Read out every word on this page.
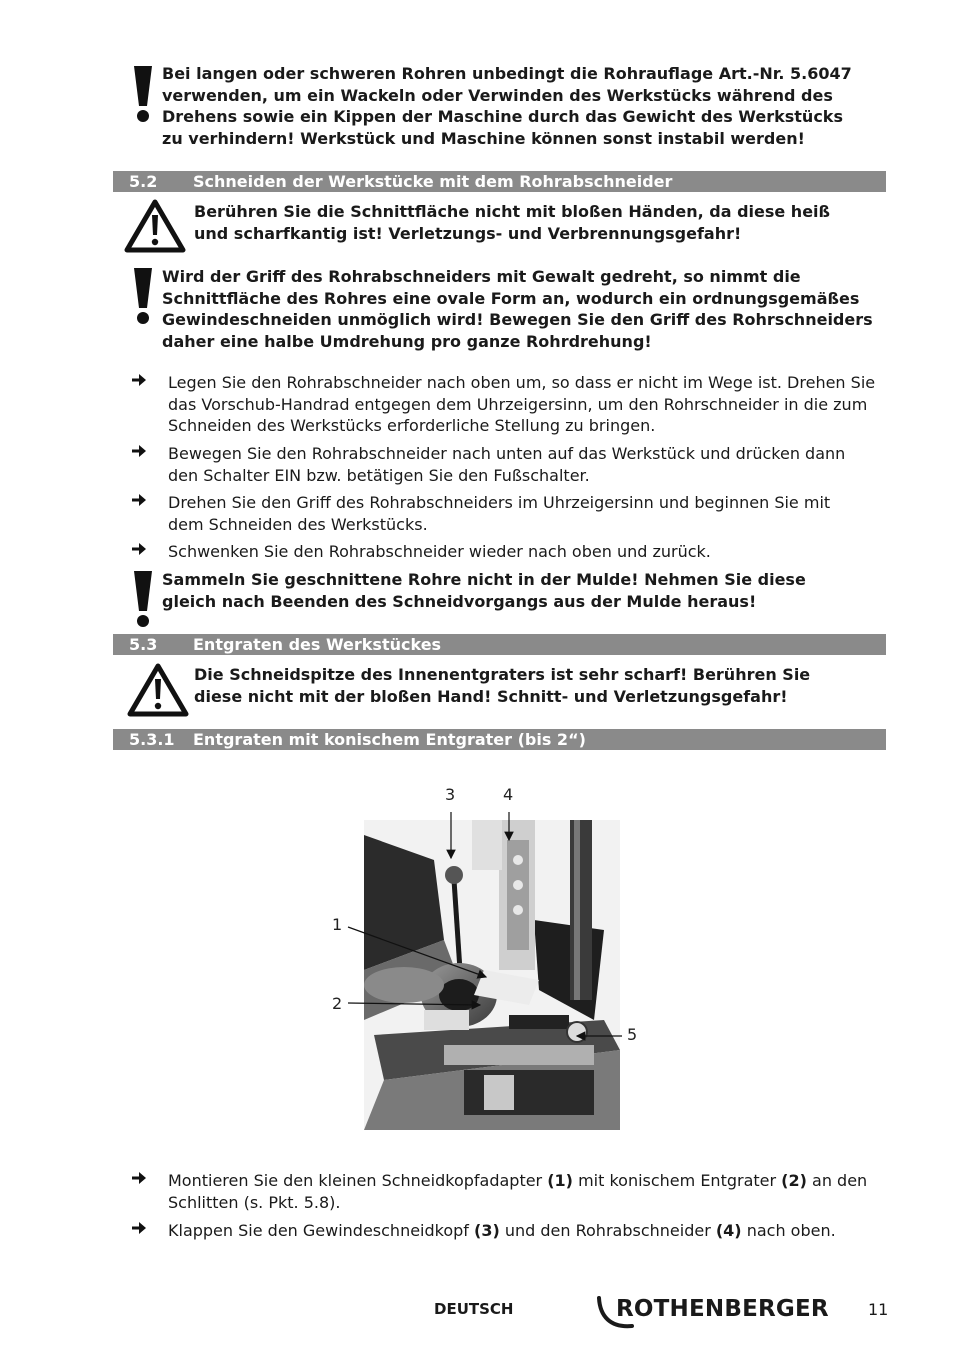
Bei langen oder schweren Rohren unbedingt die Rohrauflage Art.-Nr. 5.6047 verwenden, um ein Wackeln oder Verwinden des Werkstücks während des Drehens sowie ein Kippen der Maschine durch das Gewicht des Werkstücks zu verhindern! Werkstück und Maschine können sonst instabil werden!
5.2 Schneiden der Werkstücke mit dem Rohrabschneider
Berühren Sie die Schnittfläche nicht mit bloßen Händen, da diese heiß und scharfkantig ist! Verletzungs- und Verbrennungsgefahr!
Wird der Griff des Rohrabschneiders mit Gewalt gedreht, so nimmt die Schnittfläche des Rohres eine ovale Form an, wodurch ein ordnungsgemäßes Gewindeschneiden unmöglich wird! Bewegen Sie den Griff des Rohrschneiders daher eine halbe Umdrehung pro ganze Rohrdrehung!
Legen Sie den Rohrabschneider nach oben um, so dass er nicht im Wege ist. Drehen Sie das Vorschub-Handrad entgegen dem Uhrzeigersinn, um den Rohrschneider in die zum Schneiden des Werkstücks erforderliche Stellung zu bringen.
Bewegen Sie den Rohrabschneider nach unten auf das Werkstück und drücken dann den Schalter EIN bzw. betätigen Sie den Fußschalter.
Drehen Sie den Griff des Rohrabschneiders im Uhrzeigersinn und beginnen Sie mit dem Schneiden des Werkstücks.
Schwenken Sie den Rohrabschneider wieder nach oben und zurück.
Sammeln Sie geschnittene Rohre nicht in der Mulde! Nehmen Sie diese gleich nach Beenden des Schneidvorgangs aus der Mulde heraus!
5.3 Entgraten des Werkstückes
Die Schneidspitze des Innenentgraters ist sehr scharf! Berühren Sie diese nicht mit der bloßen Hand! Schnitt- und Verletzungsgefahr!
5.3.1 Entgraten mit konischem Entgrater (bis 2“)
3	4
1
2
5
Montieren Sie den kleinen Schneidkopfadapter (1) mit konischem Entgrater (2) an den Schlitten (s. Pkt. 5.8).
Klappen Sie den Gewindeschneidkopf (3) und den Rohrabschneider (4) nach oben.
DEUTSCH	ROTHENBERGER 11
